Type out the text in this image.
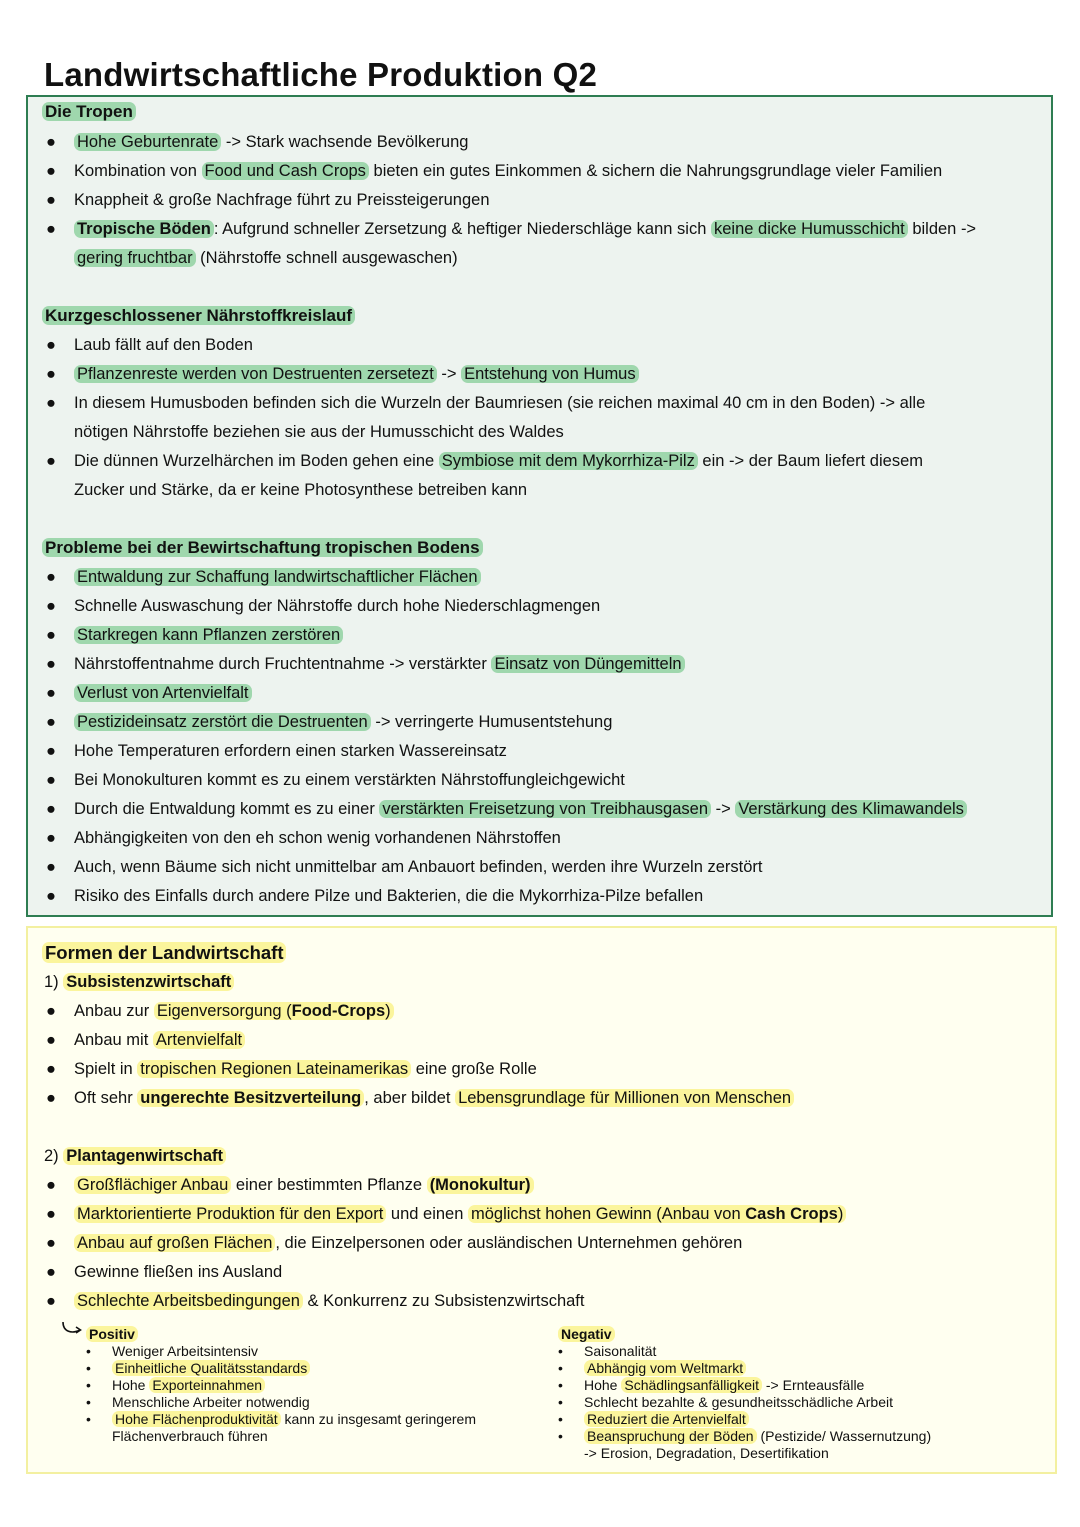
Landwirtschaftliche Produktion Q2
Die Tropen
● Hohe Geburtenrate -> Stark wachsende Bevölkerung
● Kombination von Food und Cash Crops bieten ein gutes Einkommen & sichern die Nahrungsgrundlage vieler Familien
● Knappheit & große Nachfrage führt zu Preissteigerungen
● Tropische Böden : Aufgrund schneller Zersetzung & heftiger Niederschläge kann sich keine dicke Humusschicht bilden ->
gering fruchtbar (Nährstoffe schnell ausgewaschen)
Kurzgeschlossener Nährstoffkreislauf
● Laub fällt auf den Boden
● Pflanzenreste werden von Destruenten zersetezt -> Entstehung von Humus
● In diesem Humusboden befinden sich die Wurzeln der Baumriesen (sie reichen maximal 40 cm in den Boden) -> alle
nötigen Nährstoffe beziehen sie aus der Humusschicht des Waldes
● Die dünnen Wurzelhärchen im Boden gehen eine Symbiose mit dem Mykorrhiza-Pilz ein -> der Baum liefert diesem
Zucker und Stärke, da er keine Photosynthese betreiben kann
Probleme bei der Bewirtschaftung tropischen Bodens
● Entwaldung zur Schaffung landwirtschaftlicher Flächen
● Schnelle Auswaschung der Nährstoffe durch hohe Niederschlagmengen
● Starkregen kann Pflanzen zerstören
● Nährstoffentnahme durch Fruchtentnahme -> verstärkter Einsatz von Düngemitteln
● Verlust von Artenvielfalt
● Pestizideinsatz zerstört die Destruenten -> verringerte Humusentstehung
● Hohe Temperaturen erfordern einen starken Wassereinsatz
● Bei Monokulturen kommt es zu einem verstärkten Nährstoffungleichgewicht
● Durch die Entwaldung kommt es zu einer verstärkten Freisetzung von Treibhausgasen -> Verstärkung des Klimawandels
● Abhängigkeiten von den eh schon wenig vorhandenen Nährstoffen
● Auch, wenn Bäume sich nicht unmittelbar am Anbauort befinden, werden ihre Wurzeln zerstört
● Risiko des Einfalls durch andere Pilze und Bakterien, die die Mykorrhiza-Pilze befallen
Formen der Landwirtschaft
1) Subsistenzwirtschaft
● Anbau zur Eigenversorgung (Food-Crops)
● Anbau mit Artenvielfalt
● Spielt in tropischen Regionen Lateinamerikas eine große Rolle
● Oft sehr ungerechte Besitzverteilung , aber bildet Lebensgrundlage für Millionen von Menschen
2) Plantagenwirtschaft
● Großflächiger Anbau einer bestimmten Pflanze (Monokultur)
● Marktorientierte Produktion für den Export und einen möglichst hohen Gewinn (Anbau von Cash Crops)
● Anbau auf großen Flächen , die Einzelpersonen oder ausländischen Unternehmen gehören
● Gewinne fließen ins Ausland
● Schlechte Arbeitsbedingungen & Konkurrenz zu Subsistenzwirtschaft
Positiv
• Weniger Arbeitsintensiv
• Einheitliche Qualitätsstandards
• Hohe Exporteinnahmen
• Menschliche Arbeiter notwendig
• Hohe Flächenproduktivität kann zu insgesamt geringerem
Flächenverbrauch führen
Negativ
• Saisonalität
• Abhängig vom Weltmarkt
• Hohe Schädlingsanfälligkeit -> Ernteausfälle
• Schlecht bezahlte & gesundheitsschädliche Arbeit
• Reduziert die Artenvielfalt
• Beanspruchung der Böden (Pestizide/ Wassernutzung)
-> Erosion, Degradation, Desertifikation
